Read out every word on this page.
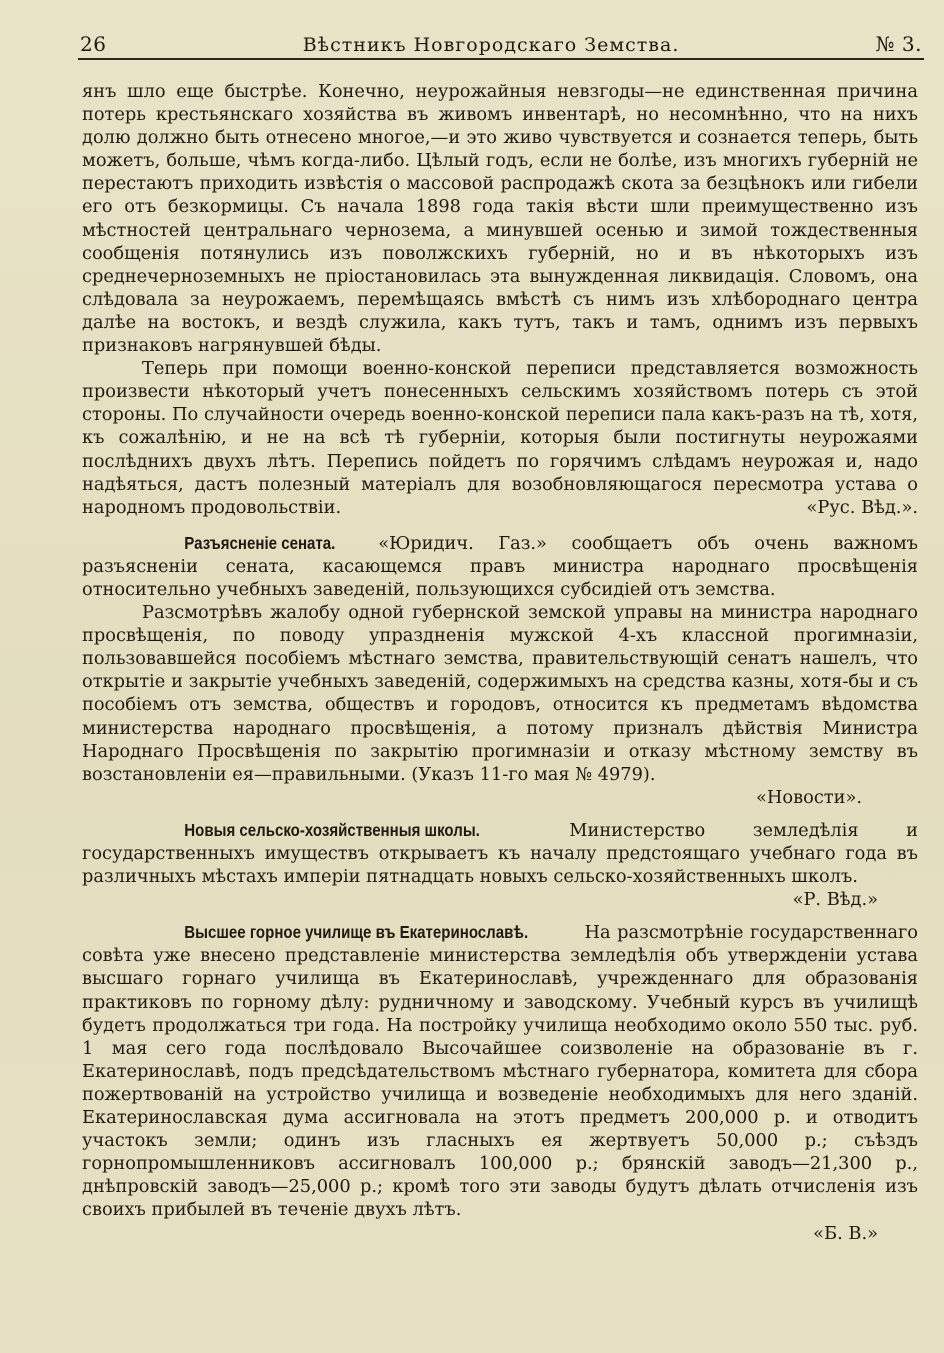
26	Вѣстникъ Новгородскаго Земства.	№ 3.

янъ шло еще быстрѣе. Конечно, неурожайныя невзгоды—не единственная причина потерь крестьянскаго хозяйства въ живомъ инвентарѣ, но несомнѣнно, что на нихъ долю должно быть отнесено многое,—и это живо чувствуется и сознается теперь, быть можетъ, больше, чѣмъ когда-либо. Цѣлый годъ, если не болѣе, изъ многихъ губерній не перестаютъ приходить извѣстія о массовой распродажѣ скота за безцѣнокъ или гибели его отъ безкормицы. Съ начала 1898 года такія вѣсти шли преимущественно изъ мѣстностей центральнаго чернозема, а минувшей осенью и зимой тождественныя сообщенія потянулись изъ поволжскихъ губерній, но и въ нѣкоторыхъ изъ среднечерноземныхъ не пріостановилась эта вынужденная ликвидація. Словомъ, она слѣдовала за неурожаемъ, перемѣщаясь вмѣстѣ съ нимъ изъ хлѣбороднаго центра далѣе на востокъ, и вездѣ служила, какъ тутъ, такъ и тамъ, однимъ изъ первыхъ признаковъ нагрянувшей бѣды.

Теперь при помощи военно-конской переписи представляется возможность произвести нѣкоторый учетъ понесенныхъ сельскимъ хозяйствомъ потерь съ этой стороны. По случайности очередь военно-конской переписи пала какъ-разъ на тѣ, хотя, къ сожалѣнію, и не на всѣ тѣ губерніи, которыя были постигнуты неурожаями послѣднихъ двухъ лѣтъ. Перепись пойдетъ по горячимъ слѣдамъ неурожая и, надо надѣяться, дастъ полезный матеріалъ для возобновляющагося пересмотра устава о народномъ продовольствіи.	«Рус. Вѣд.».

Разъясненіе сената. «Юридич. Газ.» сообщаетъ объ очень важномъ разъясненіи сената, касающемся правъ министра народнаго просвѣщенія относительно учебныхъ заведеній, пользующихся субсидіей отъ земства.

Разсмотрѣвъ жалобу одной губернской земской управы на министра народнаго просвѣщенія, по поводу упраздненія мужской 4-хъ классной прогимназіи, пользовавшейся пособіемъ мѣстнаго земства, правительствующій сенатъ нашелъ, что открытіе и закрытіе учебныхъ заведеній, содержимыхъ на средства казны, хотя-бы и съ пособіемъ отъ земства, обществъ и городовъ, относится къ предметамъ вѣдомства министерства народнаго просвѣщенія, а потому призналъ дѣйствія Министра Народнаго Просвѣщенія по закрытію прогимназіи и отказу мѣстному земству въ возстановленіи ея—правильными. (Указъ 11-го мая № 4979).

«Новости».

Новыя сельско-хозяйственныя школы.	Министерство земледѣлія и государственныхъ имуществъ открываетъ къ началу предстоящаго учебнаго года въ различныхъ мѣстахъ имперіи пятнадцать новыхъ сельско-хозяйственныхъ школъ.

«Р. Вѣд.»

Высшее горное училище въ Екатеринославѣ.	На разсмотрѣніе государственнаго совѣта уже внесено представленіе министерства земледѣлія объ утвержденіи устава высшаго горнаго училища въ Екатеринославѣ, учрежденнаго для образованія практиковъ по горному дѣлу: рудничному и заводскому. Учебный курсъ въ училищѣ будетъ продолжаться три года. На постройку училища необходимо около 550 тыс. руб. 1 мая сего года послѣдовало Высочайшее соизволеніе на образованіе въ г. Екатеринославѣ, подъ предсѣдательствомъ мѣстнаго губернатора, комитета для сбора пожертвованій на устройство училища и возведеніе необходимыхъ для него зданій. Екатеринославская дума ассигновала на этотъ предметъ 200,000 р. и отводитъ участокъ земли; одинъ изъ гласныхъ ея жертвуетъ 50,000 р.; съѣздъ горнопромышленниковъ ассигновалъ 100,000 р.; брянскій заводъ—21,300 р., днѣпровскій заводъ—25,000 р.; кромѣ того эти заводы будутъ дѣлать отчисленія изъ своихъ прибылей въ теченіе двухъ лѣтъ.

«Б. В.»
